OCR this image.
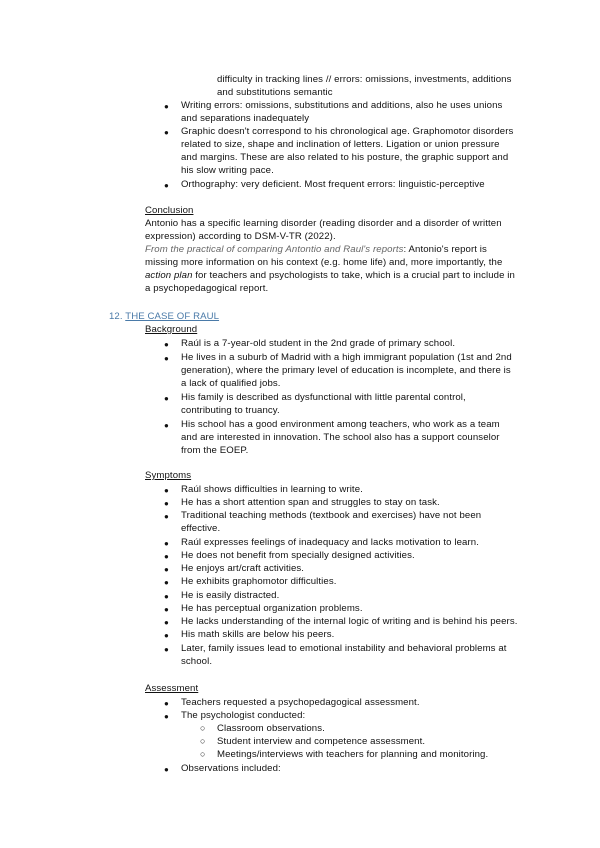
difficulty in tracking lines // errors: omissions, investments, additions
and substitutions semantic
● Writing errors: omissions, substitutions and additions, also he uses unions
and separations inadequately
● Graphic doesn't correspond to his chronological age. Graphomotor disorders
related to size, shape and inclination of letters. Ligation or union pressure
and margins. These are also related to his posture, the graphic support and
his slow writing pace.
● Orthography: very deficient. Most frequent errors: linguistic-perceptive
Conclusion
Antonio has a specific learning disorder (reading disorder and a disorder of written
expression) according to DSM-V-TR (2022).
From the practical of comparing Antontio and Raul's reports: Antonio's report is
missing more information on his context (e.g. home life) and, more importantly, the
action plan for teachers and psychologists to take, which is a crucial part to include in
a psychopedagogical report.
12. THE CASE OF RAUL
Background
● Raúl is a 7-year-old student in the 2nd grade of primary school.
● He lives in a suburb of Madrid with a high immigrant population (1st and 2nd
generation), where the primary level of education is incomplete, and there is
a lack of qualified jobs.
● His family is described as dysfunctional with little parental control,
contributing to truancy.
● His school has a good environment among teachers, who work as a team
and are interested in innovation. The school also has a support counselor
from the EOEP.
Symptoms
● Raúl shows difficulties in learning to write.
● He has a short attention span and struggles to stay on task.
● Traditional teaching methods (textbook and exercises) have not been
effective.
● Raúl expresses feelings of inadequacy and lacks motivation to learn.
● He does not benefit from specially designed activities.
● He enjoys art/craft activities.
● He exhibits graphomotor difficulties.
● He is easily distracted.
● He has perceptual organization problems.
● He lacks understanding of the internal logic of writing and is behind his peers.
● His math skills are below his peers.
● Later, family issues lead to emotional instability and behavioral problems at
school.
Assessment
● Teachers requested a psychopedagogical assessment.
● The psychologist conducted:
○ Classroom observations.
○ Student interview and competence assessment.
○ Meetings/interviews with teachers for planning and monitoring.
● Observations included:
